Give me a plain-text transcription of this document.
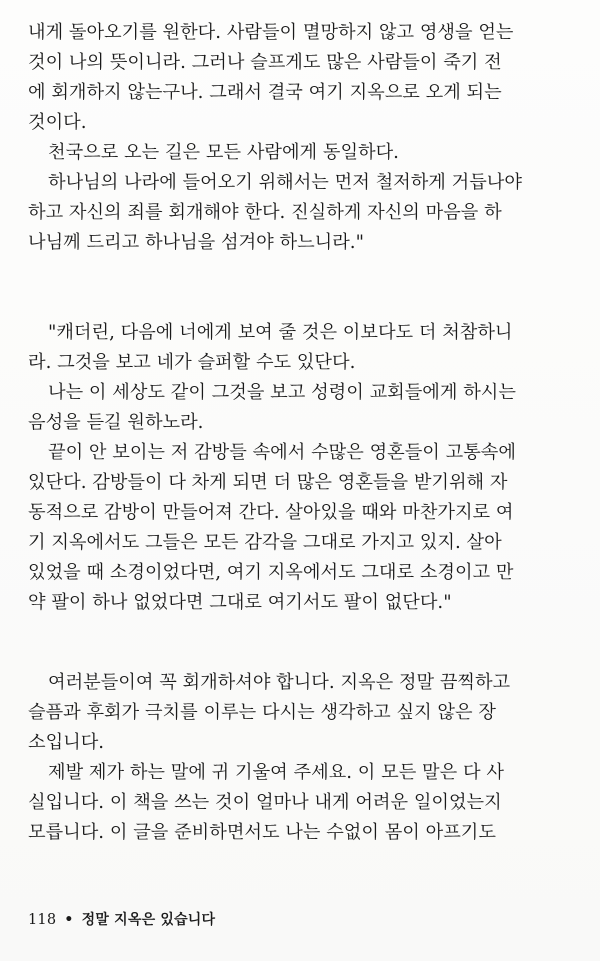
내게 돌아오기를 원한다. 사람들이 멸망하지 않고 영생을 얻는
것이 나의 뜻이니라. 그러나 슬프게도 많은 사람들이 죽기 전
에 회개하지 않는구나. 그래서 결국 여기 지옥으로 오게 되는
것이다.
천국으로 오는 길은 모든 사람에게 동일하다.
하나님의 나라에 들어오기 위해서는 먼저 철저하게 거듭나야
하고 자신의 죄를 회개해야 한다. 진실하게 자신의 마음을 하
나님께 드리고 하나님을 섬겨야 하느니라."
"캐더린, 다음에 너에게 보여 줄 것은 이보다도 더 처참하니
라. 그것을 보고 네가 슬퍼할 수도 있단다.
나는 이 세상도 같이 그것을 보고 성령이 교회들에게 하시는
음성을 듣길 원하노라.
끝이 안 보이는 저 감방들 속에서 수많은 영혼들이 고통속에
있단다. 감방들이 다 차게 되면 더 많은 영혼들을 받기위해 자
동적으로 감방이 만들어져 간다. 살아있을 때와 마찬가지로 여
기 지옥에서도 그들은 모든 감각을 그대로 가지고 있지. 살아
있었을 때 소경이었다면, 여기 지옥에서도 그대로 소경이고 만
약 팔이 하나 없었다면 그대로 여기서도 팔이 없단다."
여러분들이여 꼭 회개하셔야 합니다. 지옥은 정말 끔찍하고
슬픔과 후회가 극치를 이루는 다시는 생각하고 싶지 않은 장
소입니다.
제발 제가 하는 말에 귀 기울여 주세요. 이 모든 말은 다 사
실입니다. 이 책을 쓰는 것이 얼마나 내게 어려운 일이었는지
모릅니다. 이 글을 준비하면서도 나는 수없이 몸이 아프기도
118 • 정말 지옥은 있습니다
